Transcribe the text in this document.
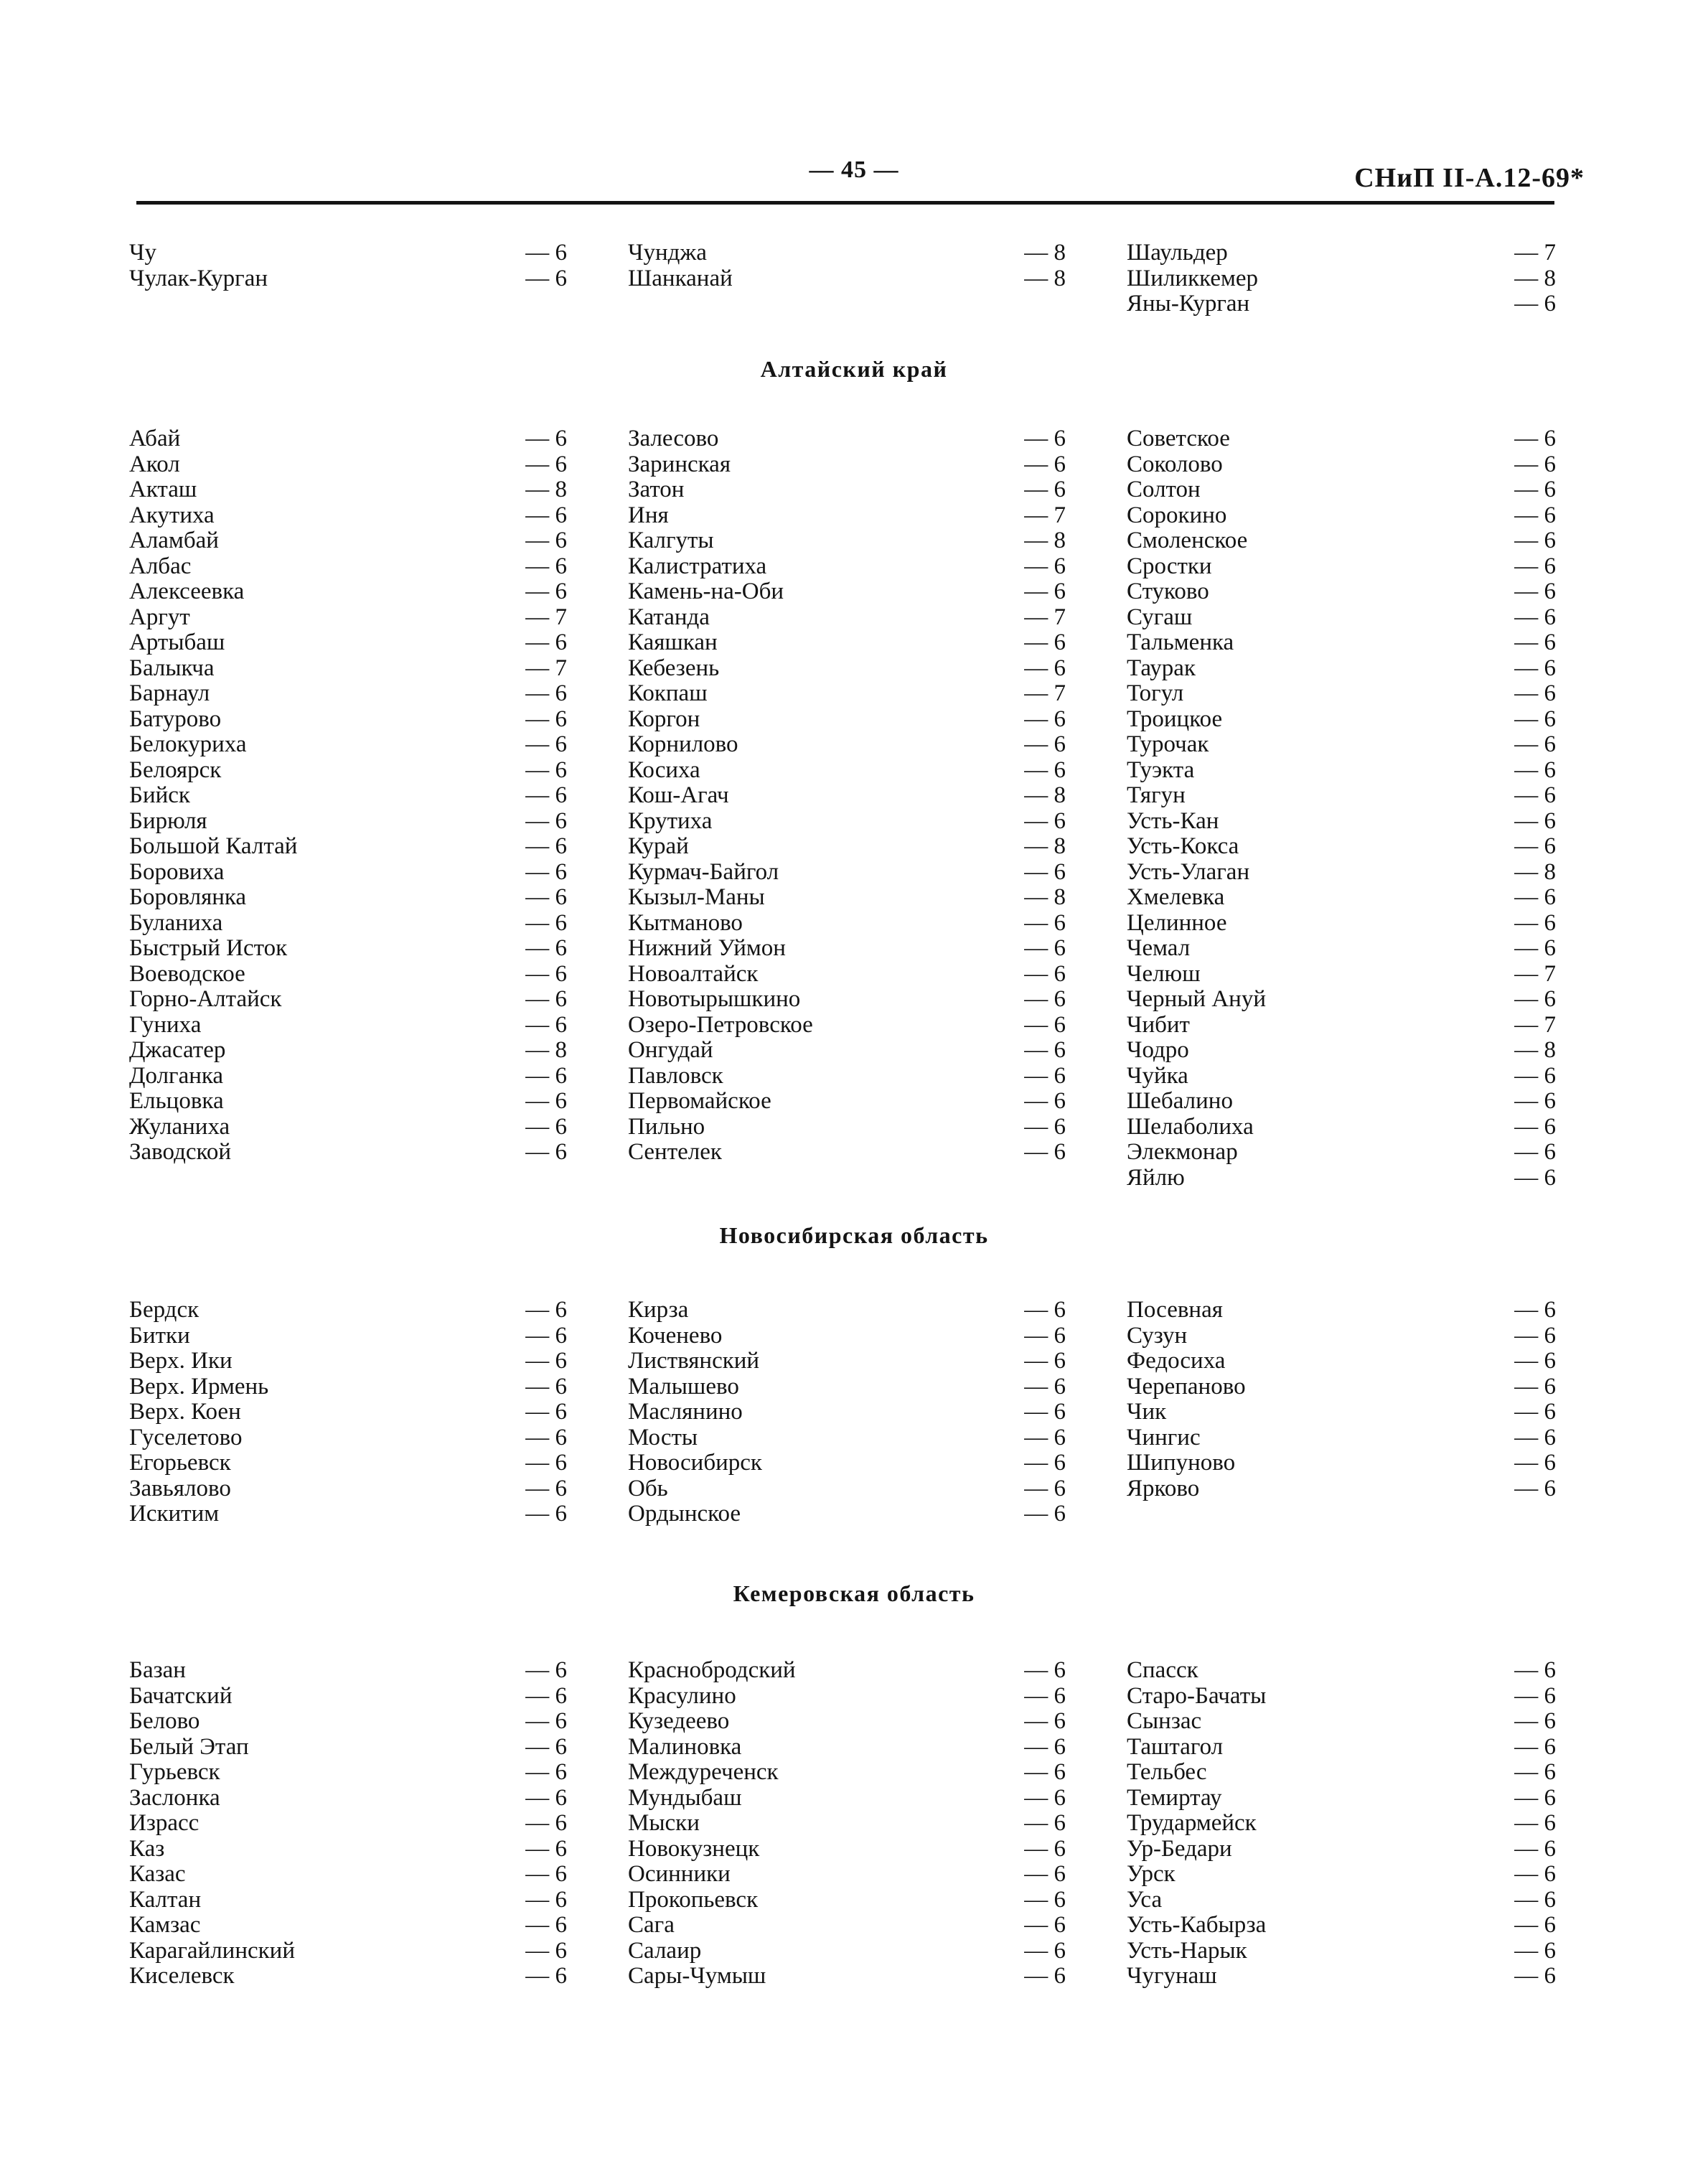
— 45 —	СНиП II-А.12-69*
Чу	— 6
Чулак-Курган	— 6
Чунджа	— 8
Шанканай	— 8
Шаульдер	— 7
Шиликкемер	— 8
Яны-Курган	— 6
Алтайский край
Абай	— 6
Акол	— 6
Акташ	— 8
Акутиха	— 6
Аламбай	— 6
Албас	— 6
Алексеевка	— 6
Аргут	— 7
Артыбаш	— 6
Балыкча	— 7
Барнаул	— 6
Батурово	— 6
Белокуриха	— 6
Белоярск	— 6
Бийск	— 6
Бирюля	— 6
Большой Калтай	— 6
Боровиха	— 6
Боровлянка	— 6
Буланиха	— 6
Быстрый Исток	— 6
Воеводское	— 6
Горно-Алтайск	— 6
Гуниха	— 6
Джасатер	— 8
Долганка	— 6
Ельцовка	— 6
Жуланиха	— 6
Заводской	— 6
Залесово	— 6
Заринская	— 6
Затон	— 6
Иня	— 7
Калгуты	— 8
Калистратиха	— 6
Камень-на-Оби	— 6
Катанда	— 7
Каяшкан	— 6
Кебезень	— 6
Кокпаш	— 7
Коргон	— 6
Корнилово	— 6
Косиха	— 6
Кош-Агач	— 8
Крутиха	— 6
Курай	— 8
Курмач-Байгол	— 6
Кызыл-Маны	— 8
Кытманово	— 6
Нижний Уймон	— 6
Новоалтайск	— 6
Новотырышкино	— 6
Озеро-Петровское	— 6
Онгудай	— 6
Павловск	— 6
Первомайское	— 6
Пильно	— 6
Сентелек	— 6
Советское	— 6
Соколово	— 6
Солтон	— 6
Сорокино	— 6
Смоленское	— 6
Сростки	— 6
Стуково	— 6
Сугаш	— 6
Тальменка	— 6
Таурак	— 6
Тогул	— 6
Троицкое	— 6
Турочак	— 6
Туэкта	— 6
Тягун	— 6
Усть-Кан	— 6
Усть-Кокса	— 6
Усть-Улаган	— 8
Хмелевка	— 6
Целинное	— 6
Чемал	— 6
Челюш	— 7
Черный Ануй	— 6
Чибит	— 7
Чодро	— 8
Чуйка	— 6
Шебалино	— 6
Шелаболиха	— 6
Элекмонар	— 6
Яйлю	— 6
Новосибирская область
Бердск	— 6
Битки	— 6
Верх. Ики	— 6
Верх. Ирмень	— 6
Верх. Коен	— 6
Гуселетово	— 6
Егорьевск	— 6
Завьялово	— 6
Искитим	— 6
Кирза	— 6
Коченево	— 6
Листвянский	— 6
Малышево	— 6
Маслянино	— 6
Мосты	— 6
Новосибирск	— 6
Обь	— 6
Ордынское	— 6
Посевная	— 6
Сузун	— 6
Федосиха	— 6
Черепаново	— 6
Чик	— 6
Чингис	— 6
Шипуново	— 6
Ярково	— 6
Кемеровская область
Базан	— 6
Бачатский	— 6
Белово	— 6
Белый Этап	— 6
Гурьевск	— 6
Заслонка	— 6
Израсс	— 6
Каз	— 6
Казас	— 6
Калтан	— 6
Камзас	— 6
Карагайлинский	— 6
Киселевск	— 6
Краснобродский	— 6
Красулино	— 6
Кузедеево	— 6
Малиновка	— 6
Междуреченск	— 6
Мундыбаш	— 6
Мыски	— 6
Новокузнецк	— 6
Осинники	— 6
Прокопьевск	— 6
Сага	— 6
Салаир	— 6
Сары-Чумыш	— 6
Спасск	— 6
Старо-Бачаты	— 6
Сынзас	— 6
Таштагол	— 6
Тельбес	— 6
Темиртау	— 6
Трудармейск	— 6
Ур-Бедари	— 6
Урск	— 6
Уса	— 6
Усть-Кабырза	— 6
Усть-Нарык	— 6
Чугунаш	— 6
